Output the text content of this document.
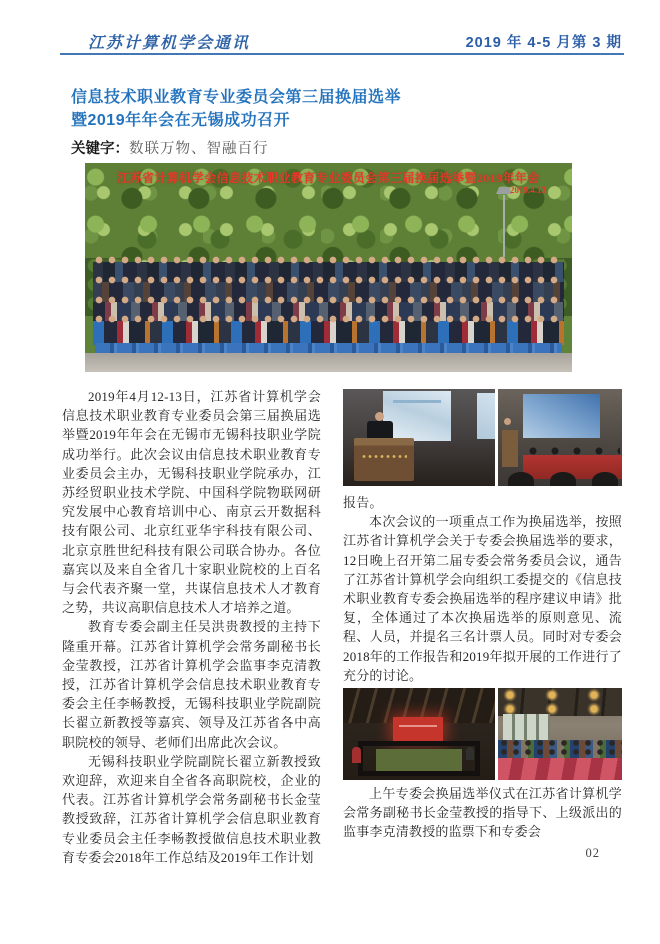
江苏计算机学会通讯	2019 年 4-5 月第 3 期
信息技术职业教育专业委员会第三届换届选举
暨2019年年会在无锡成功召开
关键字：数联万物、智融百行
江苏省计算机学会信息技术职业教育专业委员会第三届换届选举暨2019年年会
2019.4.13

2019年4月12-13日，江苏省计算机学会信息技术职业教育专业委员会第三届换届选举暨2019年年会在无锡市无锡科技职业学院成功举行。此次会议由信息技术职业教育专业委员会主办，无锡科技职业学院承办，江苏经贸职业技术学院、中国科学院物联网研究发展中心教育培训中心、南京云开数据科技有限公司、北京红亚华宇科技有限公司、北京京胜世纪科技有限公司联合协办。各位嘉宾以及来自全省几十家职业院校的上百名与会代表齐聚一堂，共谋信息技术人才教育之势，共议高职信息技术人才培养之道。

教育专委会副主任吴洪贵教授的主持下隆重开幕。江苏省计算机学会常务副秘书长金莹教授，江苏省计算机学会监事李克清教授，江苏省计算机学会信息技术职业教育专委会主任李畅教授，无锡科技职业学院副院长翟立新教授等嘉宾、领导及江苏省各中高职院校的领导、老师们出席此次会议。

无锡科技职业学院副院长翟立新教授致欢迎辞，欢迎来自全省各高职院校，企业的代表。江苏省计算机学会常务副秘书长金莹教授致辞，江苏省计算机学会信息职业教育专业委员会主任李畅教授做信息技术职业教育专委会2018年工作总结及2019年工作计划

报告。

本次会议的一项重点工作为换届选举，按照江苏省计算机学会关于专委会换届选举的要求，12日晚上召开第二届专委会常务委员会议，通告了江苏省计算机学会向组织工委提交的《信息技术职业教育专委会换届选举的程序建议申请》批复，全体通过了本次换届选举的原则意见、流程、人员，并提名三名计票人员。同时对专委会2018年的工作报告和2019年拟开展的工作进行了充分的讨论。

上午专委会换届选举仪式在江苏省计算机学会常务副秘书长金莹教授的指导下、上级派出的监事李克清教授的监票下和专委会

02
